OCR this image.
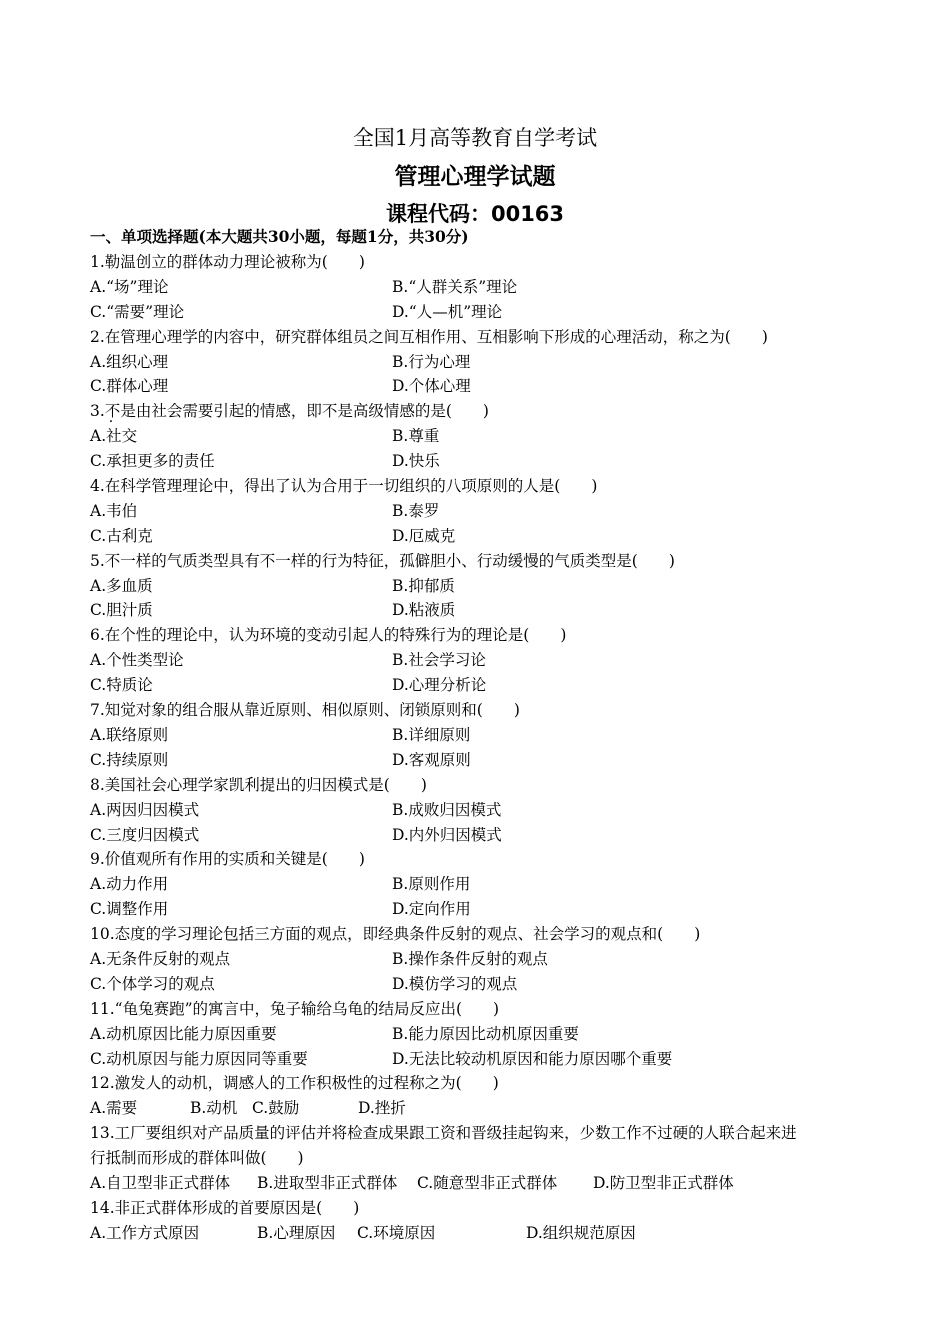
全国1月高等教育自学考试
管理心理学试题
课程代码：00163
一、单项选择题(本大题共30小题，每题1分，共30分)
1.勒温创立的群体动力理论被称为(　　)
A.“场”理论	B.“人群关系”理论
C.“需要”理论	D.“人—机”理论
2.在管理心理学的内容中，研究群体组员之间互相作用、互相影响下形成的心理活动，称之为(　　)
A.组织心理	B.行为心理
C.群体心理	D.个体心理
3.不是由社会需要引起的情感，即不是高级情感的是(　　)
A.社交	B.尊重
C.承担更多的责任	D.快乐
4.在科学管理理论中，得出了认为合用于一切组织的八项原则的人是(　　)
A.韦伯	B.泰罗
C.古利克	D.厄威克
5.不一样的气质类型具有不一样的行为特征，孤僻胆小、行动缓慢的气质类型是(　　)
A.多血质	B.抑郁质
C.胆汁质	D.粘液质
6.在个性的理论中，认为环境的变动引起人的特殊行为的理论是(　　)
A.个性类型论	B.社会学习论
C.特质论	D.心理分析论
7.知觉对象的组合服从靠近原则、相似原则、闭锁原则和(　　)
A.联络原则	B.详细原则
C.持续原则	D.客观原则
8.美国社会心理学家凯利提出的归因模式是(　　)
A.两因归因模式	B.成败归因模式
C.三度归因模式	D.内外归因模式
9.价值观所有作用的实质和关键是(　　)
A.动力作用	B.原则作用
C.调整作用	D.定向作用
10.态度的学习理论包括三方面的观点，即经典条件反射的观点、社会学习的观点和(　　)
A.无条件反射的观点	B.操作条件反射的观点
C.个体学习的观点	D.模仿学习的观点
11.“龟兔赛跑”的寓言中，兔子输给乌龟的结局反应出(　　)
A.动机原因比能力原因重要	B.能力原因比动机原因重要
C.动机原因与能力原因同等重要	D.无法比较动机原因和能力原因哪个重要
12.激发人的动机，调感人的工作积极性的过程称之为(　　)
A.需要	B.动机 C.鼓励	D.挫折
13.工厂要组织对产品质量的评估并将检查成果跟工资和晋级挂起钩来，少数工作不过硬的人联合起来进
行抵制而形成的群体叫做(　　)
A.自卫型非正式群体 B.进取型非正式群体 C.随意型非正式群体 D.防卫型非正式群体
14.非正式群体形成的首要原因是(　　)
A.工作方式原因	B.心理原因 C.环境原因	D.组织规范原因
